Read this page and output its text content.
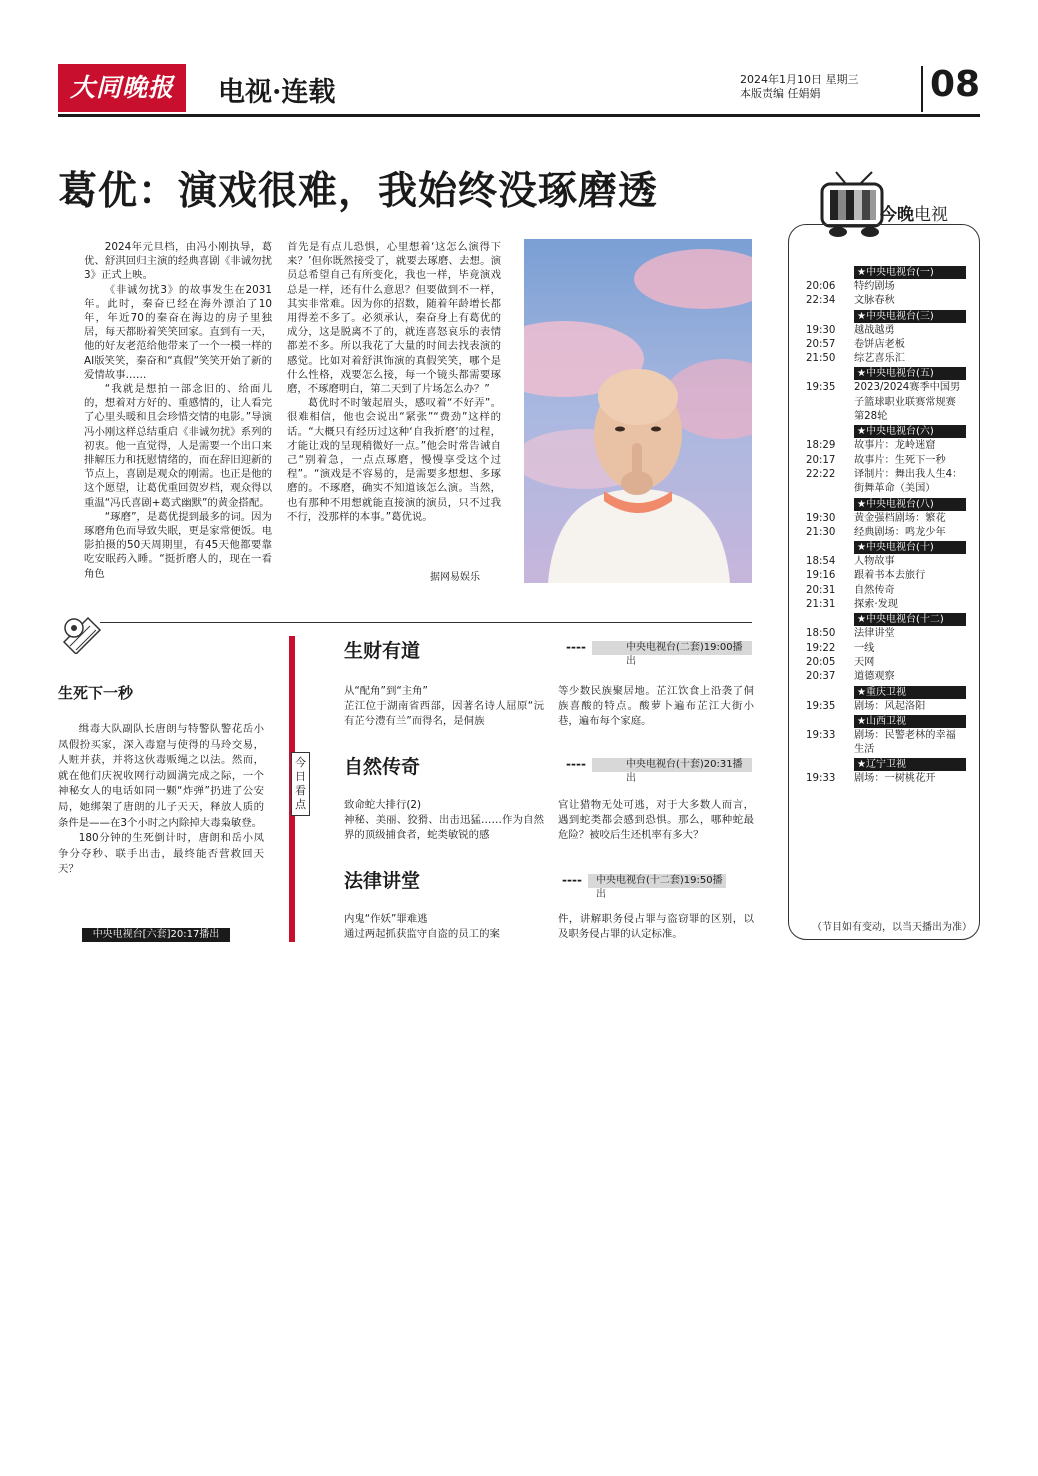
大同晚报	电视·连载	2024年1月10日 星期三
本版责编 任娟娟	08
葛优：演戏很难，我始终没琢磨透

2024年元旦档，由冯小刚执导，葛优、舒淇回归主演的经典喜剧《非诚勿扰3》正式上映。

《非诚勿扰3》的故事发生在2031年。此时，秦奋已经在海外漂泊了10年，年近70的秦奋在海边的房子里独居，每天都盼着笑笑回家。直到有一天，他的好友老范给他带来了一个一模一样的AI版笑笑，秦奋和“真假”笑笑开始了新的爱情故事……

“我就是想拍一部念旧的、给面儿的，想着对方好的、重感情的，让人看完了心里头暖和且会珍惜交情的电影。”导演冯小刚这样总结重启《非诚勿扰》系列的初衷。他一直觉得，人是需要一个出口来排解压力和抚慰情绪的，而在辞旧迎新的节点上，喜剧是观众的刚需。也正是他的这个愿望，让葛优重回贺岁档，观众得以重温“冯氏喜剧+葛式幽默”的黄金搭配。

“琢磨”，是葛优提到最多的词。因为琢磨角色而导致失眠，更是家常便饭。电影拍摄的50天周期里，有45天他都要靠吃安眠药入睡。“挺折磨人的，现在一看角色

首先是有点儿恐惧，心里想着‘这怎么演得下来？’但你既然接受了，就要去琢磨、去想。演员总希望自己有所变化，我也一样，毕竟演戏总是一样，还有什么意思？但要做到不一样，其实非常难。因为你的招数，随着年龄增长都用得差不多了。必须承认，秦奋身上有葛优的成分，这是脱离不了的，就连喜怒哀乐的表情都差不多。所以我花了大量的时间去找表演的感觉。比如对着舒淇饰演的真假笑笑，哪个是什么性格，戏要怎么接，每一个镜头都需要琢磨，不琢磨明白，第二天到了片场怎么办？”

葛优时不时皱起眉头，感叹着“不好弄”。很难相信，他也会说出“紧张”“费劲”这样的话。“大概只有经历过这种‘自我折磨’的过程，才能让戏的呈现稍微好一点。”他会时常告诫自己“别着急，一点点琢磨，慢慢享受这个过程”。“演戏是不容易的，是需要多想想、多琢磨的。不琢磨，确实不知道该怎么演。当然，也有那种不用想就能直接演的演员，只不过我不行，没那样的本事。”葛优说。

据网易娱乐
今晚电视
★中央电视台(一)
20:06	特约剧场
22:34	文脉春秋
★中央电视台(三)
19:30	越战越勇
20:57	卷饼店老板
21:50	综艺喜乐汇
★中央电视台(五)
19:35	2023/2024赛季中国男子篮球职业联赛常规赛第28轮
★中央电视台(六)
18:29	故事片：龙岭迷窟
20:17	故事片：生死下一秒
22:22	译制片：舞出我人生4：街舞革命（美国）
★中央电视台(八)
19:30	黄金强档剧场：繁花
21:30	经典剧场：鸣龙少年
★中央电视台(十)
18:54	人物故事
19:16	跟着书本去旅行
20:31	自然传奇
21:31	探索·发现
★中央电视台(十二)
18:50	法律讲堂
19:22	一线
20:05	天网
20:37	道德观察
★重庆卫视
19:35	剧场：风起洛阳
★山西卫视
19:33	剧场：民警老林的幸福生活
★辽宁卫视
19:33	剧场：一树桃花开
（节目如有变动，以当天播出为准）
生死下一秒

缉毒大队副队长唐朗与特警队警花岳小凤假扮买家，深入毒窟与使得的马玲交易，人赃并获，并将这伙毒贩绳之以法。然而，就在他们庆祝收网行动圆满完成之际，一个神秘女人的电话如同一颗“炸弹”扔进了公安局，她绑架了唐朗的儿子天天，释放人质的条件是——在3个小时之内除掉大毒枭敏登。

180分钟的生死倒计时，唐朗和岳小凤争分夺秒、联手出击，最终能否营救回天天？

中央电视台[六套]20:17播出
今日看点
生财有道	----	中央电视台(二套)19:00播出
从“配角”到“主角”
芷江位于湖南省西部，因著名诗人屈原“沅有芷兮澧有兰”而得名，是侗族
等少数民族聚居地。芷江饮食上沿袭了侗族喜酸的特点。酸萝卜遍布芷江大街小巷，遍布每个家庭。
自然传奇	----	中央电视台(十套)20:31播出
致命蛇大排行(2)
神秘、美丽、狡猾、出击迅猛……作为自然界的顶级捕食者，蛇类敏锐的感
官让猎物无处可逃，对于大多数人而言，遇到蛇类都会感到恐惧。那么，哪种蛇最危险？被咬后生还机率有多大？
法律讲堂	----	中央电视台(十二套)19:50播出
内鬼“作妖”罪难逃
通过两起抓获监守自盗的员工的案
件，讲解职务侵占罪与盗窃罪的区别，以及职务侵占罪的认定标准。
